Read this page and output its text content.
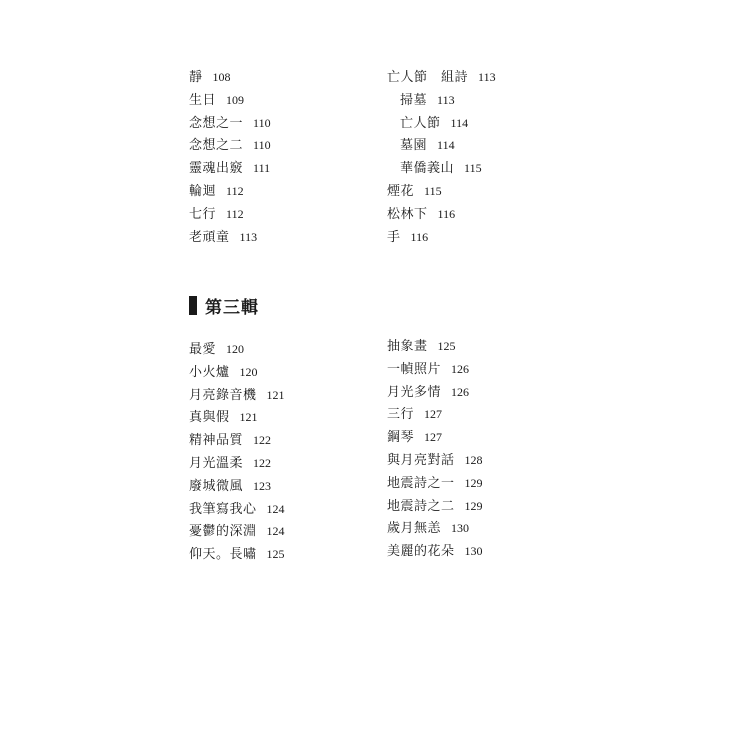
靜 108
生日 109
念想之一 110
念想之二 110
靈魂出竅 111
輪迴 112
七行 112
老頑童 113
亡人節　組詩 113
掃墓 113
亡人節 114
墓園 114
華僑義山 115
煙花 115
松林下 116
手 116
第三輯
最愛 120
小火爐 120
月亮錄音機 121
真與假 121
精神品質 122
月光溫柔 122
廢城微風 123
我筆寫我心 124
憂鬱的深淵 124
仰天。長嘯 125
抽象畫 125
一幀照片 126
月光多情 126
三行 127
鋼琴 127
與月亮對話 128
地震詩之一 129
地震詩之二 129
歲月無恙 130
美麗的花朵 130
